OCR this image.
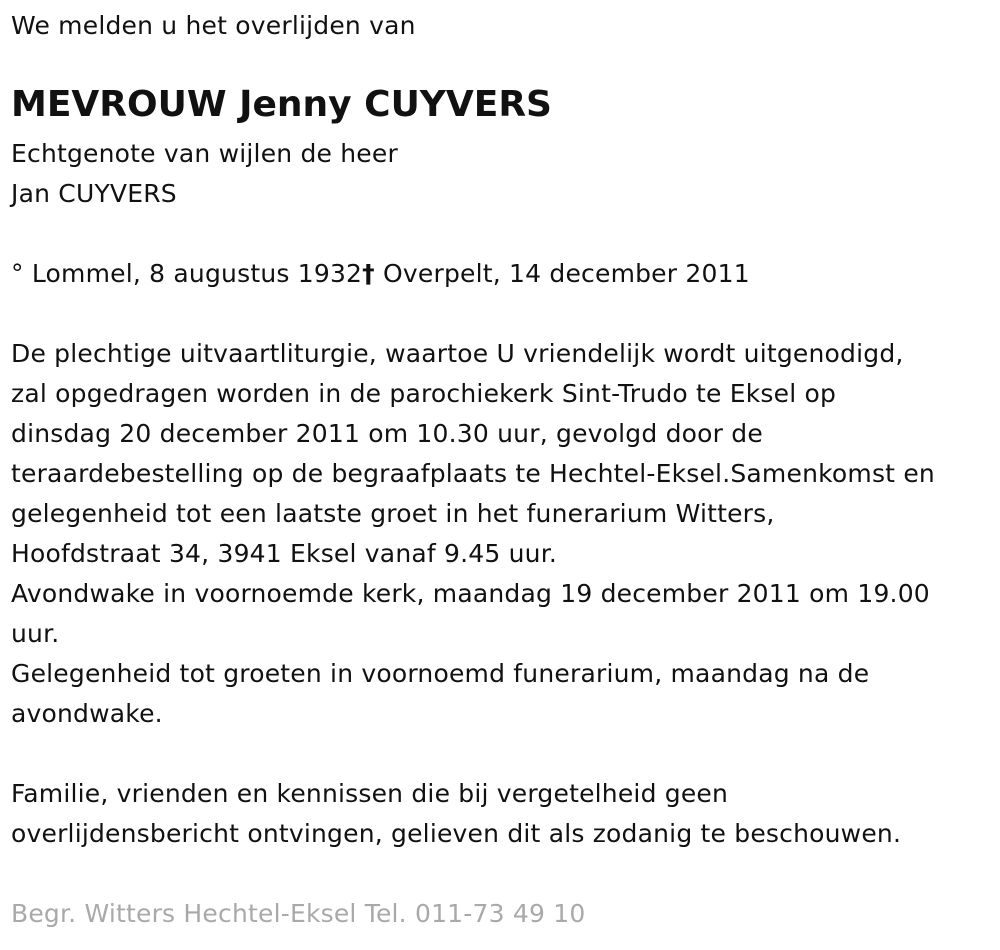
We melden u het overlijden van
MEVROUW Jenny CUYVERS
Echtgenote van wijlen de heer
Jan CUYVERS
° Lommel, 8 augustus 1932† Overpelt, 14 december 2011
De plechtige uitvaartliturgie, waartoe U vriendelijk wordt uitgenodigd,
zal opgedragen worden in de parochiekerk Sint-Trudo te Eksel op
dinsdag 20 december 2011 om 10.30 uur, gevolgd door de
teraardebestelling op de begraafplaats te Hechtel-Eksel.Samenkomst en
gelegenheid tot een laatste groet in het funerarium Witters,
Hoofdstraat 34, 3941 Eksel vanaf 9.45 uur.
Avondwake in voornoemde kerk, maandag 19 december 2011 om 19.00
uur.
Gelegenheid tot groeten in voornoemd funerarium, maandag na de
avondwake.
Familie, vrienden en kennissen die bij vergetelheid geen
overlijdensbericht ontvingen, gelieven dit als zodanig te beschouwen.
Begr. Witters Hechtel-Eksel Tel. 011-73 49 10
